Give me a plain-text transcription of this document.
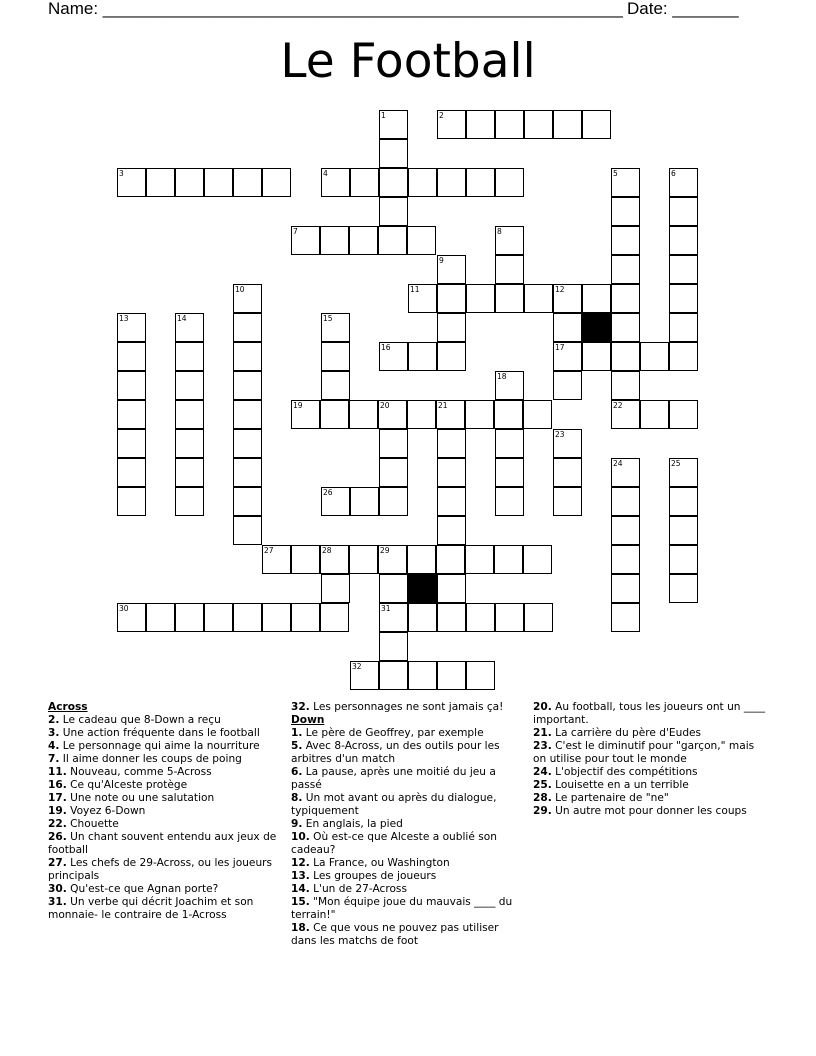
Name: _______________________________________________________ Date: _______
Le Football
1	2
3	4	5	6
7	8
9
10	11	12
13	14	15
16	17
18
19	20	21	22
23
24	25
26
27	28	29
30	31
32
Across
2. Le cadeau que 8-Down a reçu
3. Une action fréquente dans le football
4. Le personnage qui aime la nourriture
7. Il aime donner les coups de poing
11. Nouveau, comme 5-Across
16. Ce qu'Alceste protège
17. Une note ou une salutation
19. Voyez 6-Down
22. Chouette
26. Un chant souvent entendu aux jeux de football
27. Les chefs de 29-Across, ou les joueurs principals
30. Qu'est-ce que Agnan porte?
31. Un verbe qui décrit Joachim et son monnaie- le contraire de 1-Across
32. Les personnages ne sont jamais ça!
Down
1. Le père de Geoffrey, par exemple
5. Avec 8-Across, un des outils pour les arbitres d'un match
6. La pause, après une moitié du jeu a passé
8. Un mot avant ou après du dialogue, typiquement
9. En anglais, la pied
10. Où est-ce que Alceste a oublié son cadeau?
12. La France, ou Washington
13. Les groupes de joueurs
14. L'un de 27-Across
15. "Mon équipe joue du mauvais ____ du terrain!"
18. Ce que vous ne pouvez pas utiliser dans les matchs de foot
20. Au football, tous les joueurs ont un ____ important.
21. La carrière du père d'Eudes
23. C'est le diminutif pour "garçon," mais on utilise pour tout le monde
24. L'objectif des compétitions
25. Louisette en a un terrible
28. Le partenaire de "ne"
29. Un autre mot pour donner les coups
